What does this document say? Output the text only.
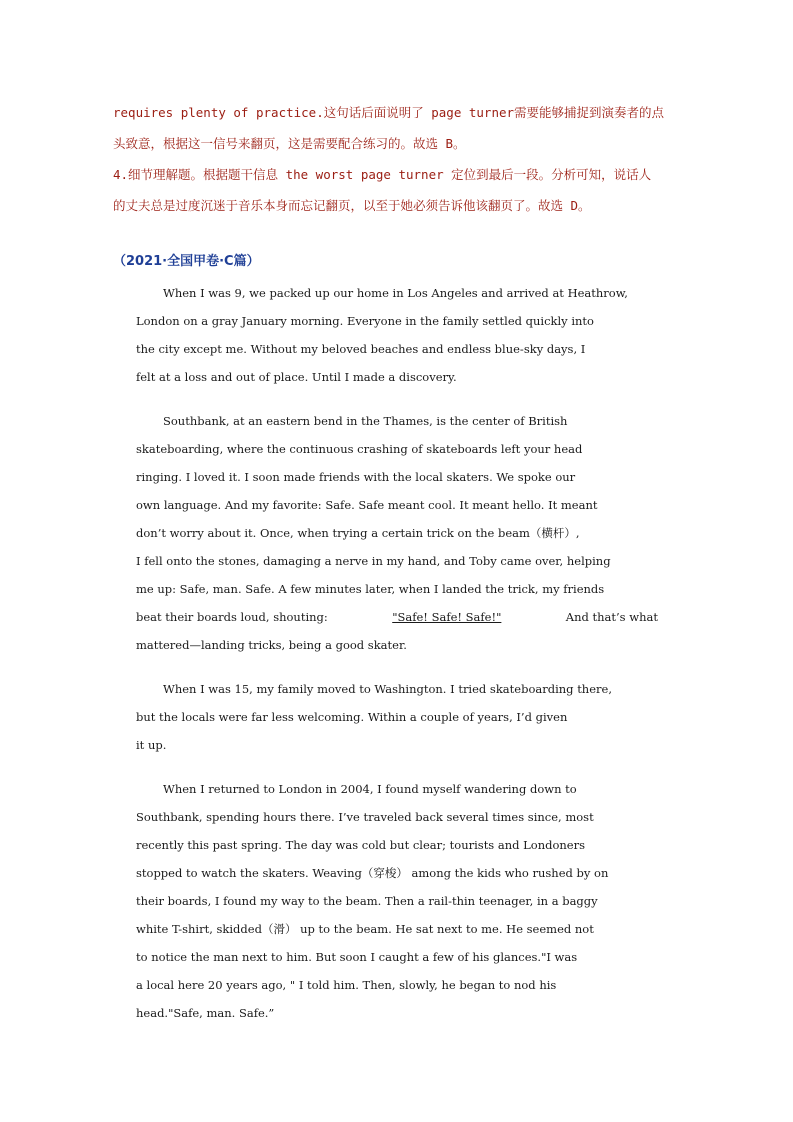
requires plenty of practice.这句话后面说明了 page turner需要能够捕捉到演奏者的点
头致意，根据这一信号来翻页，这是需要配合练习的。故选 B。
4.细节理解题。根据题干信息 the worst page turner 定位到最后一段。分析可知，说话人
的丈夫总是过度沉迷于音乐本身而忘记翻页，以至于她必须告诉他该翻页了。故选 D。
（2021·全国甲卷·C篇）
When I was 9, we packed up our home in Los Angeles and arrived at Heathrow,
London on a gray January morning. Everyone in the family settled quickly into
the city except me. Without my beloved beaches and endless blue-sky days, I
felt at a loss and out of place. Until I made a discovery.
Southbank, at an eastern bend in the Thames, is the center of British
skateboarding, where the continuous crashing of skateboards left your head
ringing. I loved it. I soon made friends with the local skaters. We spoke our
own language. And my favorite: Safe. Safe meant cool. It meant hello. It meant
don’t worry about it. Once, when trying a certain trick on the beam（横杆）,
I fell onto the stones, damaging a nerve in my hand, and Toby came over, helping
me up: Safe, man. Safe. A few minutes later, when I landed the trick, my friends
beat their boards loud, shouting:	"Safe! Safe! Safe!"	And that’s what
mattered—landing tricks, being a good skater.
When I was 15, my family moved to Washington. I tried skateboarding there,
but the locals were far less welcoming. Within a couple of years, I’d given
it up.
When I returned to London in 2004, I found myself wandering down to
Southbank, spending hours there. I’ve traveled back several times since, most
recently this past spring. The day was cold but clear; tourists and Londoners
stopped to watch the skaters. Weaving（穿梭） among the kids who rushed by on
their boards, I found my way to the beam. Then a rail-thin teenager, in a baggy
white T-shirt, skidded（滑） up to the beam. He sat next to me. He seemed not
to notice the man next to him. But soon I caught a few of his glances."I was
a local here 20 years ago, " I told him. Then, slowly, he began to nod his
head."Safe, man. Safe.”
